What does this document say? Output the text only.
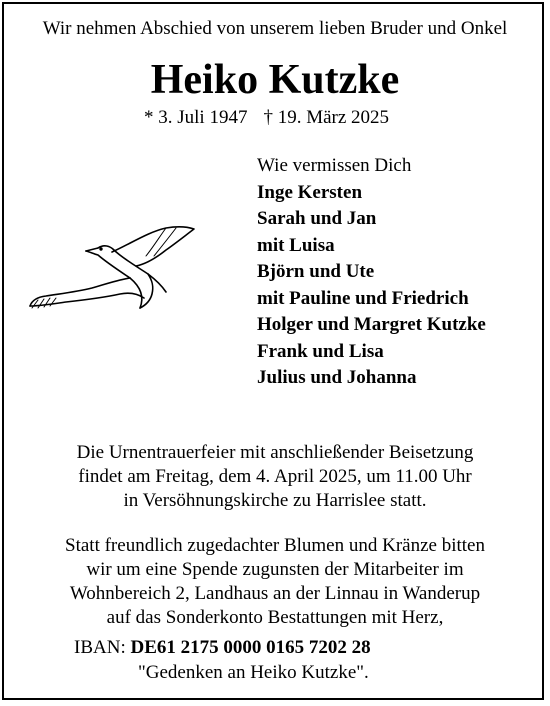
Wir nehmen Abschied von unserem lieben Bruder und Onkel
Heiko Kutzke
* 3. Juli 1947 † 19. März 2025
Wie vermissen Dich
Inge Kersten
Sarah und Jan
mit Luisa
Björn und Ute
mit Pauline und Friedrich
Holger und Margret Kutzke
Frank und Lisa
Julius und Johanna
Die Urnentrauerfeier mit anschließender Beisetzung
findet am Freitag, dem 4. April 2025, um 11.00 Uhr
in Versöhnungskirche zu Harrislee statt.
Statt freundlich zugedachter Blumen und Kränze bitten
wir um eine Spende zugunsten der Mitarbeiter im
Wohnbereich 2, Landhaus an der Linnau in Wanderup
auf das Sonderkonto Bestattungen mit Herz,
IBAN: DE61 2175 0000 0165 7202 28
"Gedenken an Heiko Kutzke".
